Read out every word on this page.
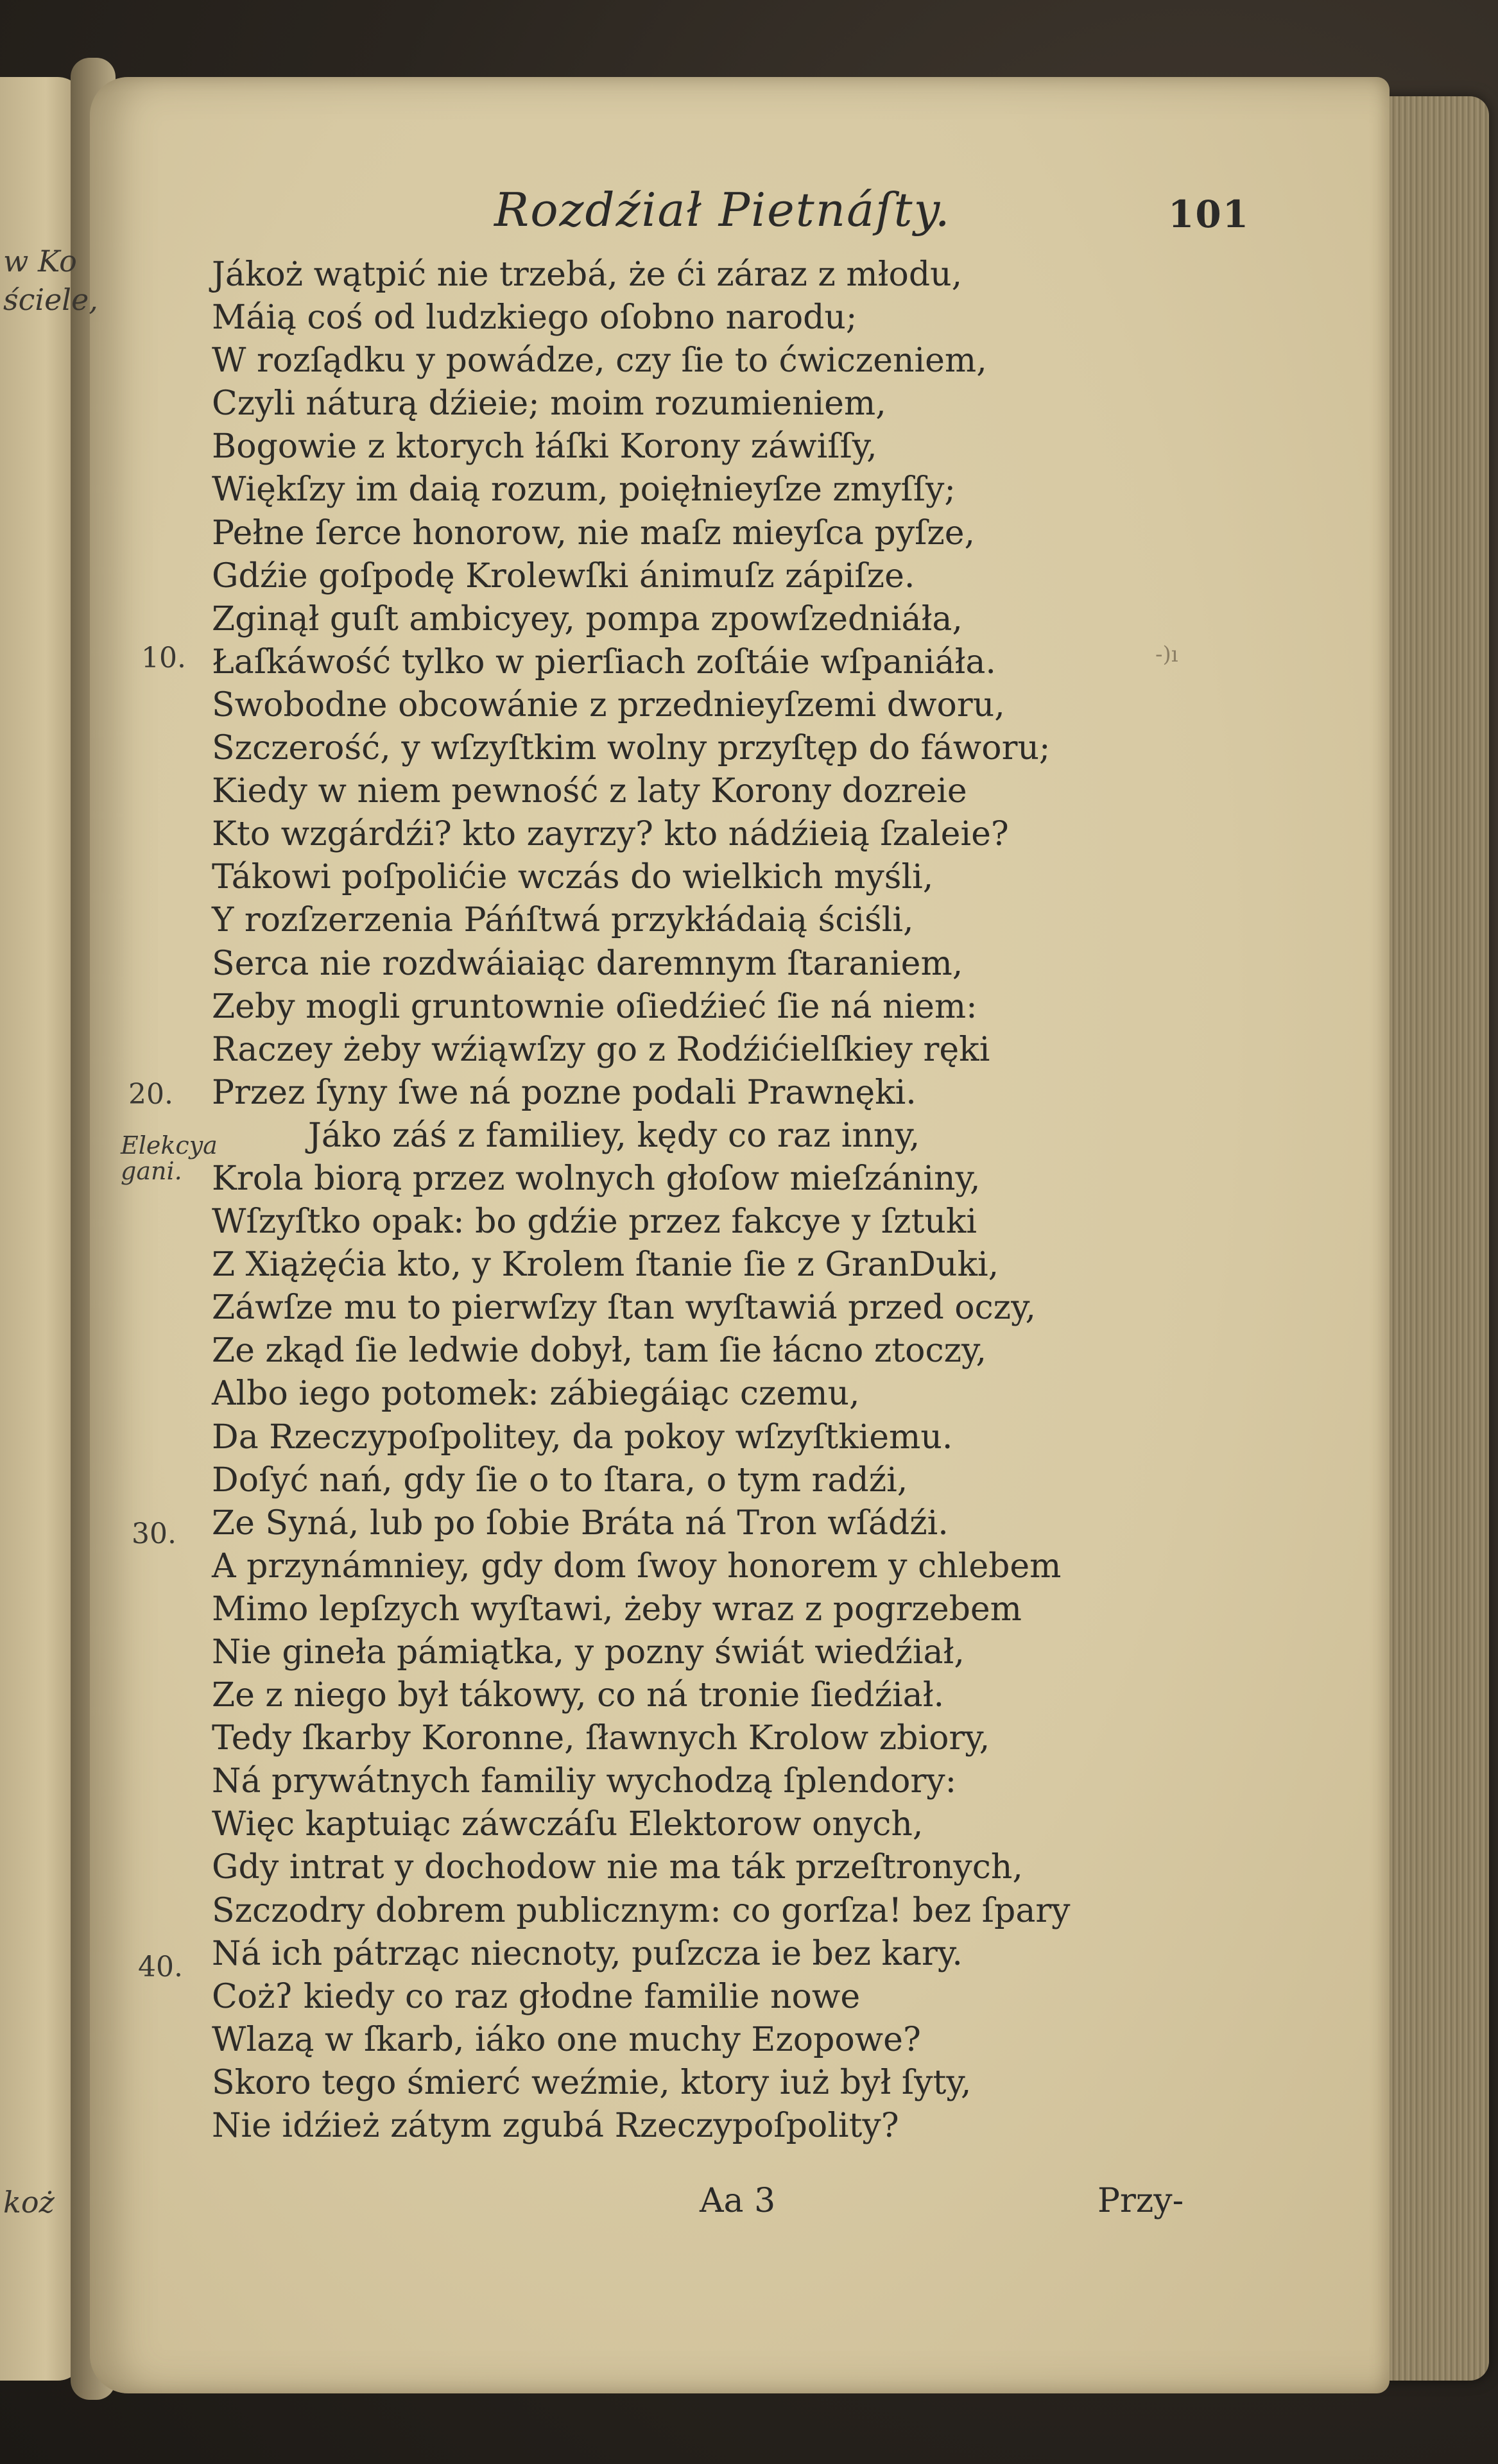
w Ko
ściele,
koż
Rozdźiał Pietnáſty.	101
10.
20.
30.
40.
Elekcya
gani.
-)ı
Jákoż wątpić nie trzebá, że ći záraz z młodu,
Máią coś od ludzkiego oſobno narodu;
W rozſądku y powádze, czy ſie to ćwiczeniem,
Czyli náturą dźieie; moim rozumieniem,
Bogowie z ktorych łáſki Korony záwiſſy,
Więkſzy im daią rozum, poięłnieyſze zmyſſy;
Pełne ſerce honorow, nie maſz mieyſca pyſze,
Gdźie goſpodę Krolewſki ánimuſz zápiſze.
Zginął guſt ambicyey, pompa zpowſzedniáła,
Łaſkáwość tylko w pierſiach zoſtáie wſpaniáła.
Swobodne obcowánie z przednieyſzemi dworu,
Szczerość, y wſzyſtkim wolny przyſtęp do fáworu;
Kiedy w niem pewność z laty Korony dozreie
Kto wzgárdźi? kto zayrzy? kto nádźieią ſzaleie?
Tákowi poſpolićie wczás do wielkich myśli,
Y rozſzerzenia Páńſtwá przykłádaią ściśli,
Serca nie rozdwáiaiąc daremnym ſtaraniem,
Zeby mogli gruntownie oſiedźieć ſie ná niem:
Raczey żeby wźiąwſzy go z Rodźićielſkiey ręki
Przez ſyny ſwe ná pozne podali Prawnęki.
Jáko záś z familiey, kędy co raz inny,
Krola biorą przez wolnych głoſow mieſzániny,
Wſzyſtko opak: bo gdźie przez fakcye y ſztuki
Z Xiążęćia kto, y Krolem ſtanie ſie z GranDuki,
Záwſze mu to pierwſzy ſtan wyſtawiá przed oczy,
Ze zkąd ſie ledwie dobył, tam ſie łácno ztoczy,
Albo iego potomek: zábiegáiąc czemu,
Da Rzeczypoſpolitey, da pokoy wſzyſtkiemu.
Doſyć nań, gdy ſie o to ſtara, o tym radźi,
Ze Syná, lub po ſobie Bráta ná Tron wſádźi.
A przynámniey, gdy dom ſwoy honorem y chlebem
Mimo lepſzych wyſtawi, żeby wraz z pogrzebem
Nie gineła pámiątka, y pozny świát wiedźiał,
Ze z niego był tákowy, co ná tronie ſiedźiał.
Tedy ſkarby Koronne, ſławnych Krolow zbiory,
Ná prywátnych familiy wychodzą ſplendory:
Więc kaptuiąc záwczáſu Elektorow onych,
Gdy intrat y dochodow nie ma ták przeſtronych,
Szczodry dobrem publicznym: co gorſza! bez ſpary
Ná ich pátrząc niecnoty, puſzcza ie bez kary.
Cożʔ kiedy co raz głodne familie nowe
Wlazą w ſkarb, iáko one muchy Ezopowe?
Skoro tego śmierć weźmie, ktory iuż był ſyty,
Nie idźież zátym zgubá Rzeczypoſpolity?
Aa 3	Przy-
